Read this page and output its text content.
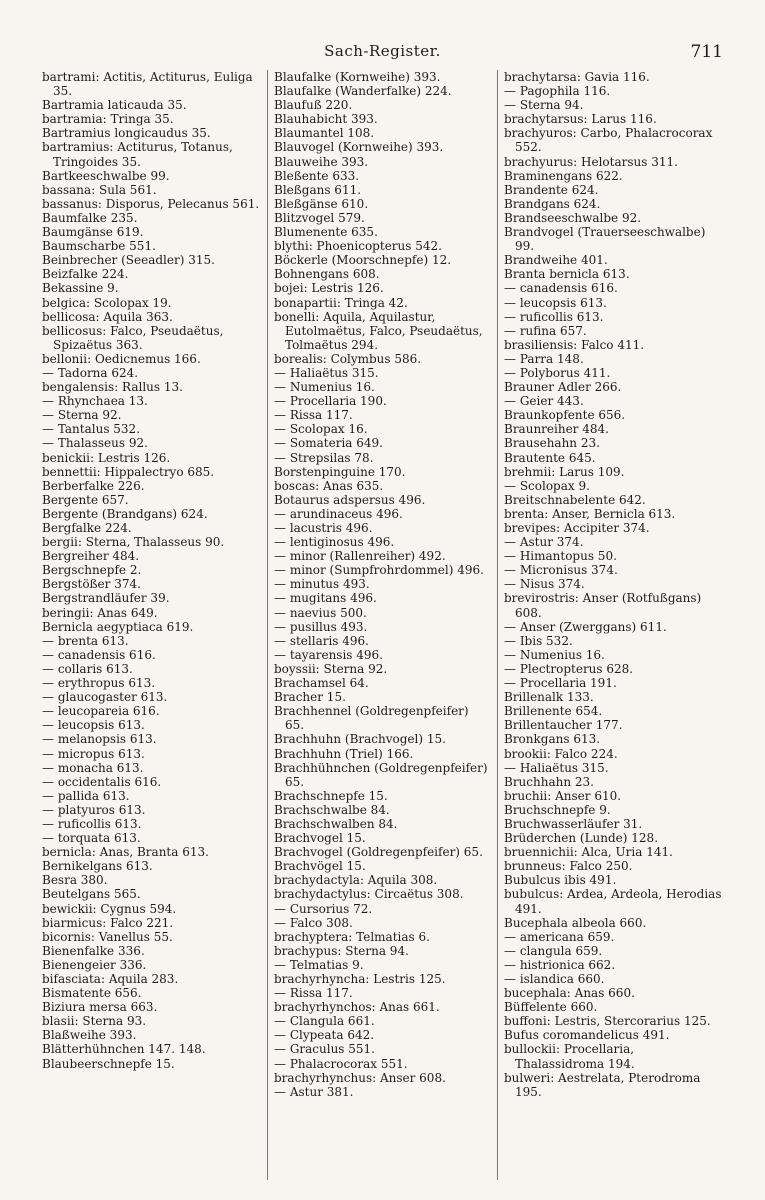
Sach-Register.	711
bartrami: Actitis, Actiturus, Euliga 35.
Bartramia laticauda 35.
bartramia: Tringa 35.
Bartramius longicaudus 35.
bartramius: Actiturus, Totanus, Tringoides 35.
Bartkeeschwalbe 99.
bassana: Sula 561.
bassanus: Disporus, Pelecanus 561.
Baumfalke 235.
Baumgänse 619.
Baumscharbe 551.
Beinbrecher (Seeadler) 315.
Beizfalke 224.
Bekassine 9.
belgica: Scolopax 19.
bellicosa: Aquila 363.
bellicosus: Falco, Pseudaëtus, Spizaëtus 363.
bellonii: Oedicnemus 166.
— Tadorna 624.
bengalensis: Rallus 13.
— Rhynchaea 13.
— Sterna 92.
— Tantalus 532.
— Thalasseus 92.
benickii: Lestris 126.
bennettii: Hippalectryo 685.
Berberfalke 226.
Bergente 657.
Bergente (Brandgans) 624.
Bergfalke 224.
bergii: Sterna, Thalasseus 90.
Bergreiher 484.
Bergschnepfe 2.
Bergstößer 374.
Bergstrandläufer 39.
beringii: Anas 649.
Bernicla aegyptiaca 619.
— brenta 613.
— canadensis 616.
— collaris 613.
— erythropus 613.
— glaucogaster 613.
— leucopareia 616.
— leucopsis 613.
— melanopsis 613.
— micropus 613.
— monacha 613.
— occidentalis 616.
— pallida 613.
— platyuros 613.
— ruficollis 613.
— torquata 613.
bernicla: Anas, Branta 613.
Bernikelgans 613.
Besra 380.
Beutelgans 565.
bewickii: Cygnus 594.
biarmicus: Falco 221.
bicornis: Vanellus 55.
Bienenfalke 336.
Bienengeier 336.
bifasciata: Aquila 283.
Bismatente 656.
Biziura mersa 663.
blasii: Sterna 93.
Blaßweihe 393.
Blätterhühnchen 147. 148.
Blaubeerschnepfe 15.
Blaufalke (Kornweihe) 393.
Blaufalke (Wanderfalke) 224.
Blaufuß 220.
Blauhabicht 393.
Blaumantel 108.
Blauvogel (Kornweihe) 393.
Blauweihe 393.
Bleßente 633.
Bleßgans 611.
Bleßgänse 610.
Blitzvogel 579.
Blumenente 635.
blythi: Phoenicopterus 542.
Böckerle (Moorschnepfe) 12.
Bohnengans 608.
bojei: Lestris 126.
bonapartii: Tringa 42.
bonelli: Aquila, Aquilastur, Eutolmaëtus, Falco, Pseudaëtus, Tolmaëtus 294.
borealis: Colymbus 586.
— Haliaëtus 315.
— Numenius 16.
— Procellaria 190.
— Rissa 117.
— Scolopax 16.
— Somateria 649.
— Strepsilas 78.
Borstenpinguine 170.
boscas: Anas 635.
Botaurus adspersus 496.
— arundinaceus 496.
— lacustris 496.
— lentiginosus 496.
— minor (Rallenreiher) 492.
— minor (Sumpfrohrdommel) 496.
— minutus 493.
— mugitans 496.
— naevius 500.
— pusillus 493.
— stellaris 496.
— tayarensis 496.
boyssii: Sterna 92.
Brachamsel 64.
Bracher 15.
Brachhennel (Goldregenpfeifer) 65.
Brachhuhn (Brachvogel) 15.
Brachhuhn (Triel) 166.
Brachhühnchen (Goldregenpfeifer) 65.
Brachschnepfe 15.
Brachschwalbe 84.
Brachschwalben 84.
Brachvogel 15.
Brachvogel (Goldregenpfeifer) 65.
Brachvögel 15.
brachydactyla: Aquila 308.
brachydactylus: Circaëtus 308.
— Cursorius 72.
— Falco 308.
brachyptera: Telmatias 6.
brachypus: Sterna 94.
— Telmatias 9.
brachyrhyncha: Lestris 125.
— Rissa 117.
brachyrhynchos: Anas 661.
— Clangula 661.
— Clypeata 642.
— Graculus 551.
— Phalacrocorax 551.
brachyrhynchus: Anser 608.
— Astur 381.
brachytarsa: Gavia 116.
— Pagophila 116.
— Sterna 94.
brachytarsus: Larus 116.
brachyuros: Carbo, Phalacrocorax 552.
brachyurus: Helotarsus 311.
Braminengans 622.
Brandente 624.
Brandgans 624.
Brandseeschwalbe 92.
Brandvogel (Trauerseeschwalbe) 99.
Brandweihe 401.
Branta bernicla 613.
— canadensis 616.
— leucopsis 613.
— ruficollis 613.
— rufina 657.
brasiliensis: Falco 411.
— Parra 148.
— Polyborus 411.
Brauner Adler 266.
— Geier 443.
Braunkopfente 656.
Braunreiher 484.
Brausehahn 23.
Brautente 645.
brehmii: Larus 109.
— Scolopax 9.
Breitschnabelente 642.
brenta: Anser, Bernicla 613.
brevipes: Accipiter 374.
— Astur 374.
— Himantopus 50.
— Micronisus 374.
— Nisus 374.
brevirostris: Anser (Rotfußgans) 608.
— Anser (Zwerggans) 611.
— Ibis 532.
— Numenius 16.
— Plectropterus 628.
— Procellaria 191.
Brillenalk 133.
Brillenente 654.
Brillentaucher 177.
Bronkgans 613.
brookii: Falco 224.
— Haliaëtus 315.
Bruchhahn 23.
bruchii: Anser 610.
Bruchschnepfe 9.
Bruchwasserläufer 31.
Brüderchen (Lunde) 128.
bruennichii: Alca, Uria 141.
brunneus: Falco 250.
Bubulcus ibis 491.
bubulcus: Ardea, Ardeola, Herodias 491.
Bucephala albeola 660.
— americana 659.
— clangula 659.
— histrionica 662.
— islandica 660.
bucephala: Anas 660.
Büffelente 660.
buffoni: Lestris, Stercorarius 125.
Bufus coromandelicus 491.
bullockii: Procellaria, Thalassidroma 194.
bulweri: Aestrelata, Pterodroma 195.
